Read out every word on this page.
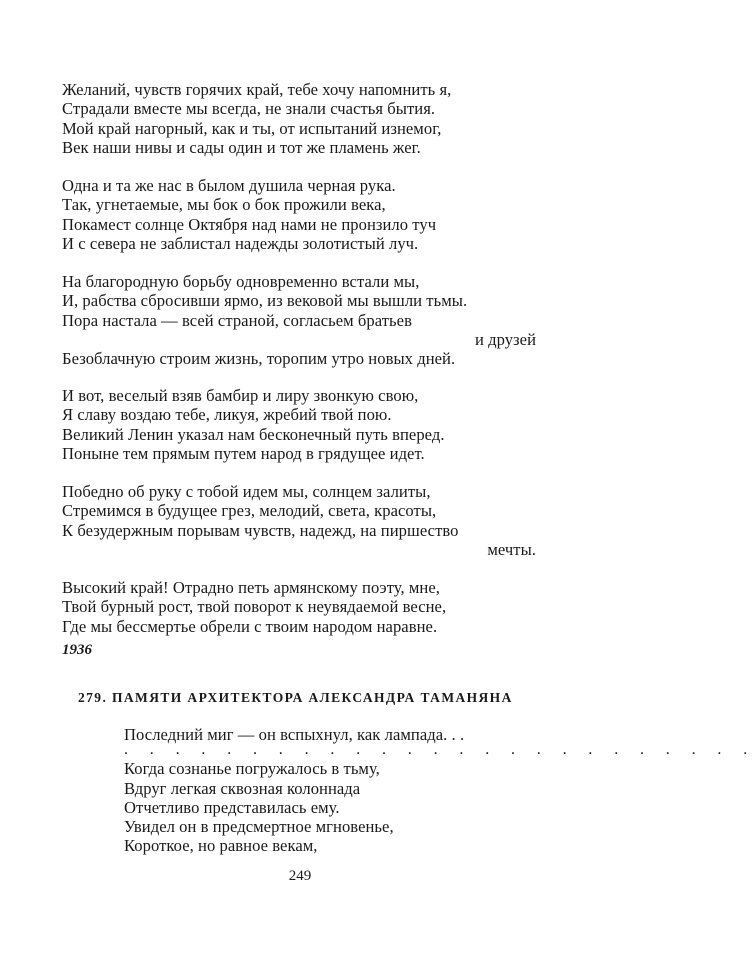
Желаний, чувств горячих край, тебе хочу напомнить я,
Страдали вместе мы всегда, не знали счастья бытия.
Мой край нагорный, как и ты, от испытаний изнемог,
Век наши нивы и сады один и тот же пламень жег.
Одна и та же нас в былом душила черная рука.
Так, угнетаемые, мы бок о бок прожили века,
Покамест солнце Октября над нами не пронзило туч
И с севера не заблистал надежды золотистый луч.
На благородную борьбу одновременно встали мы,
И, рабства сбросивши ярмо, из вековой мы вышли тьмы.
Пора настала — всей страной, согласьем братьев
и друзей
Безоблачную строим жизнь, торопим утро новых дней.
И вот, веселый взяв бамбир и лиру звонкую свою,
Я славу воздаю тебе, ликуя, жребий твой пою.
Великий Ленин указал нам бесконечный путь вперед.
Поныне тем прямым путем народ в грядущее идет.
Победно об руку с тобой идем мы, солнцем залиты,
Стремимся в будущее грез, мелодий, света, красоты,
К безудержным порывам чувств, надежд, на пиршество
мечты.
Высокий край! Отрадно петь армянскому поэту, мне,
Твой бурный рост, твой поворот к неувядаемой весне,
Где мы бессмертье обрели с твоим народом наравне.
1936
279. ПАМЯТИ АРХИТЕКТОРА АЛЕКСАНДРА ТАМАНЯНА
Последний миг — он вспыхнул, как лампада. . .
. . . . . . . . . . . . . . . . . . . . . . . . .
Когда сознанье погружалось в тьму,
Вдруг легкая сквозная колоннада
Отчетливо представилась ему.
Увидел он в предсмертное мгновенье,
Короткое, но равное векам,
249
